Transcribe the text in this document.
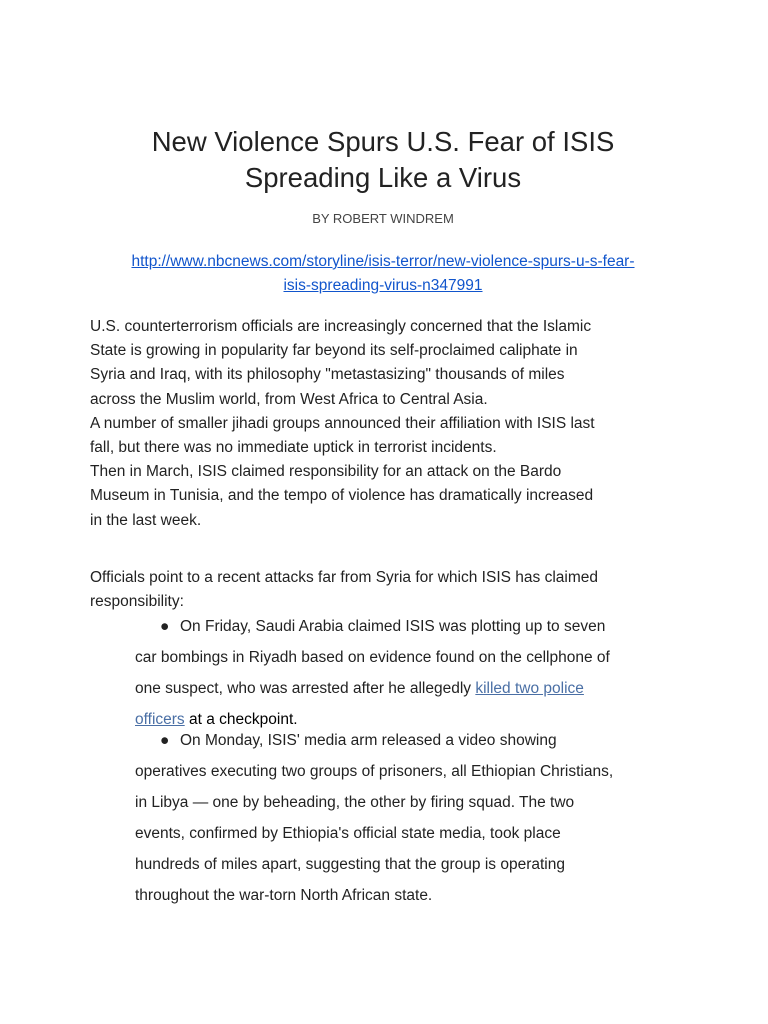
New Violence Spurs U.S. Fear of ISIS
Spreading Like a Virus
BY ROBERT WINDREM
http://www.nbcnews.com/storyline/isis-terror/new-violence-spurs-u-s-fear-
isis-spreading-virus-n347991
U.S. counterterrorism officials are increasingly concerned that the Islamic
State is growing in popularity far beyond its self-proclaimed caliphate in
Syria and Iraq, with its philosophy "metastasizing" thousands of miles
across the Muslim world, from West Africa to Central Asia.
A number of smaller jihadi groups announced their affiliation with ISIS last
fall, but there was no immediate uptick in terrorist incidents.
Then in March, ISIS claimed responsibility for an attack on the Bardo
Museum in Tunisia, and the tempo of violence has dramatically increased
in the last week.
Officials point to a recent attacks far from Syria for which ISIS has claimed
responsibility:
● On Friday, Saudi Arabia claimed ISIS was plotting up to seven
car bombings in Riyadh based on evidence found on the cellphone of
one suspect, who was arrested after he allegedly killed two police
officers at a checkpoint.
● On Monday, ISIS' media arm released a video showing
operatives executing two groups of prisoners, all Ethiopian Christians,
in Libya — one by beheading, the other by firing squad. The two
events, confirmed by Ethiopia's official state media, took place
hundreds of miles apart, suggesting that the group is operating
throughout the war-torn North African state.
